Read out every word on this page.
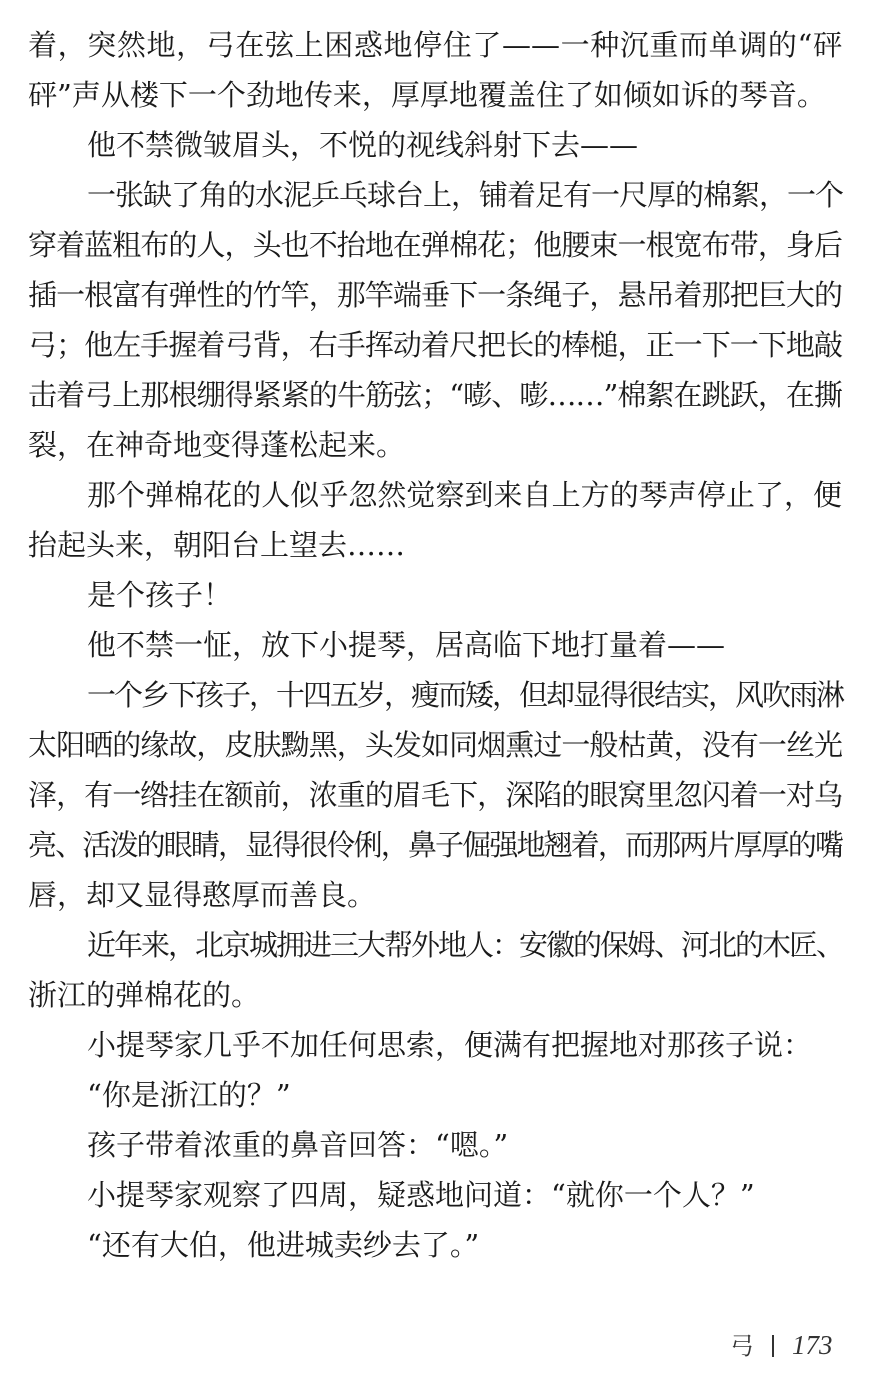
着，突然地，弓在弦上困惑地停住了——一种沉重而单调的“砰
砰”声从楼下一个劲地传来，厚厚地覆盖住了如倾如诉的琴音。
他不禁微皱眉头，不悦的视线斜射下去——
一张缺了角的水泥乒乓球台上，铺着足有一尺厚的棉絮，一个
穿着蓝粗布的人，头也不抬地在弹棉花；他腰束一根宽布带，身后
插一根富有弹性的竹竿，那竿端垂下一条绳子，悬吊着那把巨大的
弓；他左手握着弓背，右手挥动着尺把长的棒槌，正一下一下地敲
击着弓上那根绷得紧紧的牛筋弦；“嘭、嘭……”棉絮在跳跃，在撕
裂，在神奇地变得蓬松起来。
那个弹棉花的人似乎忽然觉察到来自上方的琴声停止了，便
抬起头来，朝阳台上望去……
是个孩子！
他不禁一怔，放下小提琴，居高临下地打量着——
一个乡下孩子，十四五岁，瘦而矮，但却显得很结实，风吹雨淋
太阳晒的缘故，皮肤黝黑，头发如同烟熏过一般枯黄，没有一丝光
泽，有一绺挂在额前，浓重的眉毛下，深陷的眼窝里忽闪着一对乌
亮、活泼的眼睛，显得很伶俐，鼻子倔强地翘着，而那两片厚厚的嘴
唇，却又显得憨厚而善良。
近年来，北京城拥进三大帮外地人：安徽的保姆、河北的木匠、
浙江的弹棉花的。
小提琴家几乎不加任何思索，便满有把握地对那孩子说：
“你是浙江的？”
孩子带着浓重的鼻音回答：“嗯。”
小提琴家观察了四周，疑惑地问道：“就你一个人？”
“还有大伯，他进城卖纱去了。”
弓 173
